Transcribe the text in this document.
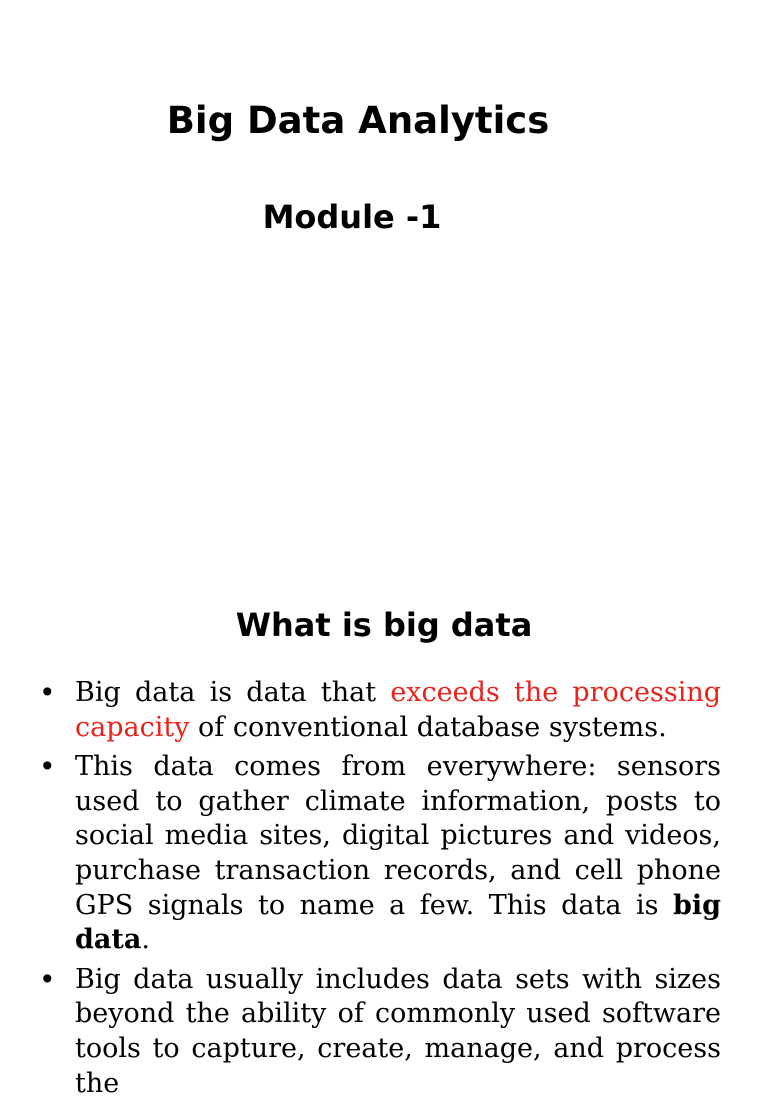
Big Data Analytics
Module -1
What is big data
• Big data is data that exceeds the processing capacity of conventional database systems.
• This data comes from everywhere: sensors used to gather climate information, posts to social media sites, digital pictures and videos, purchase transaction records, and cell phone GPS signals to name a few. This data is big data.
• Big data usually includes data sets with sizes beyond the ability of commonly used software tools to capture, create, manage, and process the
